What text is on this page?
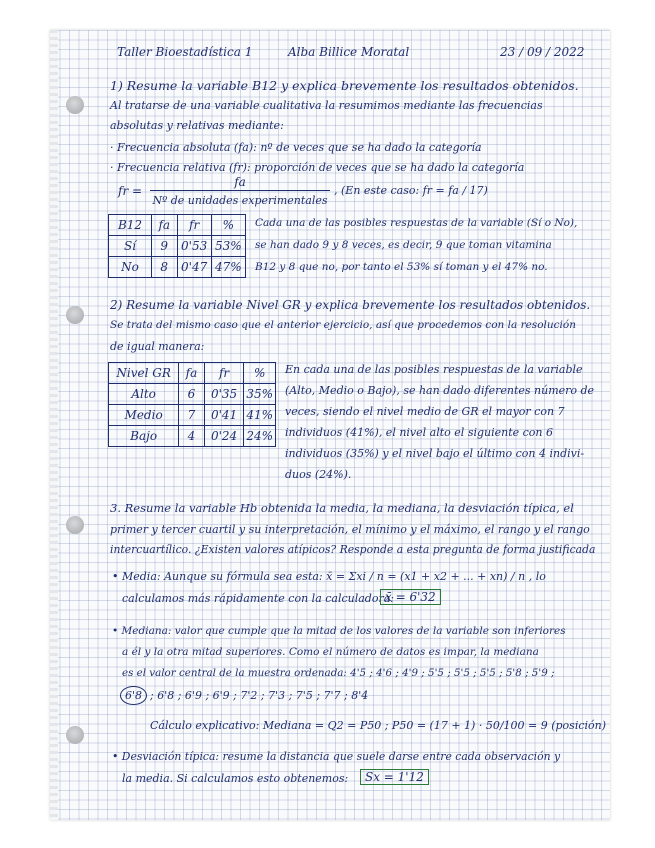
Taller Bioestadística 1	Alba Billice Moratal	23 / 09 / 2022
1) Resume la variable B12 y explica brevemente los resultados obtenidos.
Al tratarse de una variable cualitativa la resumimos mediante las frecuencias
absolutas y relativas mediante:
· Frecuencia absoluta (fa): nº de veces que se ha dado la categoría
· Frecuencia relativa (fr): proporción de veces que se ha dado la categoría
fr =
fa
Nº de unidades experimentales
, (En este caso: fr = fa / 17)
B12	fa	fr	%
Sí	9	0'53	53%
No	8	0'47	47%
Cada una de las posibles respuestas de la variable (Sí o No),
se han dado 9 y 8 veces, es decir, 9 que toman vitamina
B12 y 8 que no, por tanto el 53% sí toman y el 47% no.
2) Resume la variable Nivel GR y explica brevemente los resultados obtenidos.
Se trata del mismo caso que el anterior ejercicio, así que procedemos con la resolución
de igual manera:
Nivel GR	fa	fr	%
Alto	6	0'35	35%
Medio	7	0'41	41%
Bajo	4	0'24	24%
En cada una de las posibles respuestas de la variable
(Alto, Medio o Bajo), se han dado diferentes número de
veces, siendo el nivel medio de GR el mayor con 7
individuos (41%), el nivel alto el siguiente con 6
individuos (35%) y el nivel bajo el último con 4 indivi-
duos (24%).
3. Resume la variable Hb obtenida la media, la mediana, la desviación típica, el
primer y tercer cuartil y su interpretación, el mínimo y el máximo, el rango y el rango
intercuartílico. ¿Existen valores atípicos? Responde a esta pregunta de forma justificada
• Media: Aunque su fórmula sea esta: x̄ = Σxi / n = (x1 + x2 + ... + xn) / n , lo
calculamos más rápidamente con la calculadora:
x̄ = 6'32
• Mediana: valor que cumple que la mitad de los valores de la variable son inferiores
a él y la otra mitad superiores. Como el número de datos es impar, la mediana
es el valor central de la muestra ordenada: 4'5 ; 4'6 ; 4'9 ; 5'5 ; 5'5 ; 5'5 ; 5'8 ; 5'9 ;
6'8 ; 6'8 ; 6'9 ; 6'9 ; 7'2 ; 7'3 ; 7'5 ; 7'7 ; 8'4
Cálculo explicativo: Mediana = Q2 = P50 ; P50 = (17 + 1) · 50/100 = 9 (posición)
• Desviación típica: resume la distancia que suele darse entre cada observación y
la media. Si calculamos esto obtenemos:	Sx = 1'12
